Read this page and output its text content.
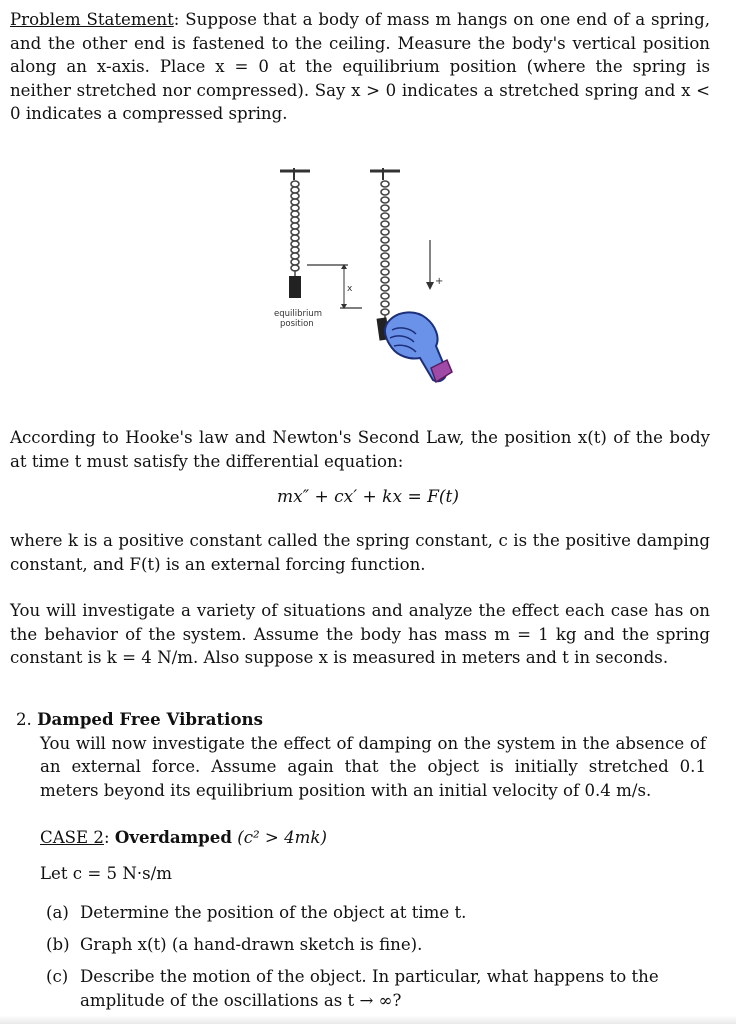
Problem Statement: Suppose that a body of mass m hangs on one end of a spring, and the other end is fastened to the ceiling. Measure the body's vertical position along an x-axis. Place x = 0 at the equilibrium position (where the spring is neither stretched nor compressed). Say x > 0 indicates a stretched spring and x < 0 indicates a compressed spring.

x
equilibrium
position
+

According to Hooke's law and Newton's Second Law, the position x(t) of the body at time t must satisfy the differential equation:

mx″ + cx′ + kx = F(t)

where k is a positive constant called the spring constant, c is the positive damping constant, and F(t) is an external forcing function.

You will investigate a variety of situations and analyze the effect each case has on the behavior of the system. Assume the body has mass m = 1 kg and the spring constant is k = 4 N/m. Also suppose x is measured in meters and t in seconds.

2. Damped Free Vibrations
You will now investigate the effect of damping on the system in the absence of an external force. Assume again that the object is initially stretched 0.1 meters beyond its equilibrium position with an initial velocity of 0.4 m/s.
CASE 2: Overdamped (c² > 4mk)
Let c = 5 N·s/m
(a) Determine the position of the object at time t.
(b) Graph x(t) (a hand-drawn sketch is fine).
(c) Describe the motion of the object. In particular, what happens to the amplitude of the oscillations as t → ∞?
